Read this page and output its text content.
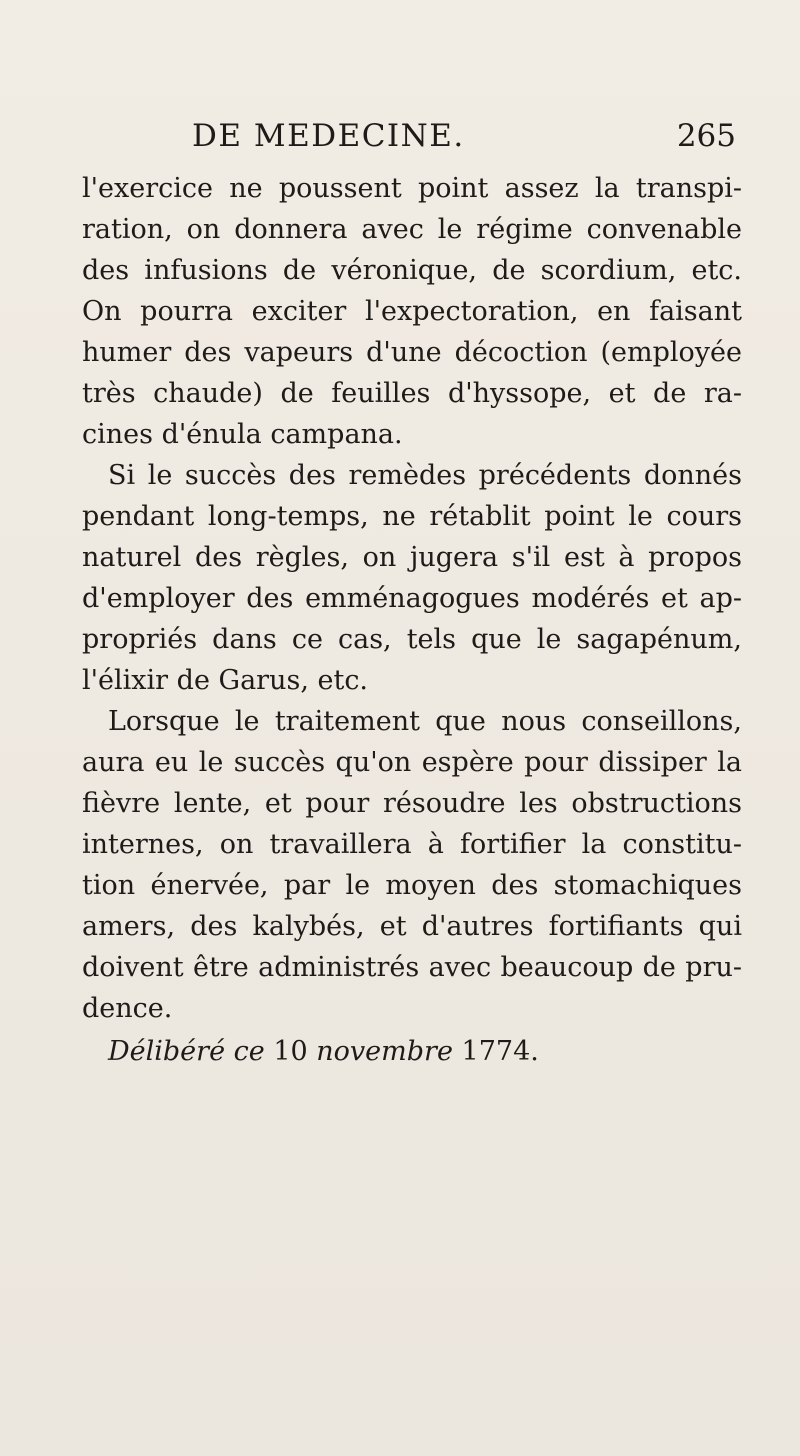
DE MEDECINE.	265
l'exercice ne poussent point assez la transpi-
ration, on donnera avec le régime convenable
des infusions de véronique, de scordium, etc.
On pourra exciter l'expectoration, en faisant
humer des vapeurs d'une décoction (employée
très chaude) de feuilles d'hyssope, et de ra-
cines d'énula campana.
Si le succès des remèdes précédents donnés
pendant long-temps, ne rétablit point le cours
naturel des règles, on jugera s'il est à propos
d'employer des emménagogues modérés et ap-
propriés dans ce cas, tels que le sagapénum,
l'élixir de Garus, etc.
Lorsque le traitement que nous conseillons,
aura eu le succès qu'on espère pour dissiper la
fièvre lente, et pour résoudre les obstructions
internes, on travaillera à fortifier la constitu-
tion énervée, par le moyen des stomachiques
amers, des kalybés, et d'autres fortifiants qui
doivent être administrés avec beaucoup de pru-
dence.
Délibéré ce 10 novembre 1774.
